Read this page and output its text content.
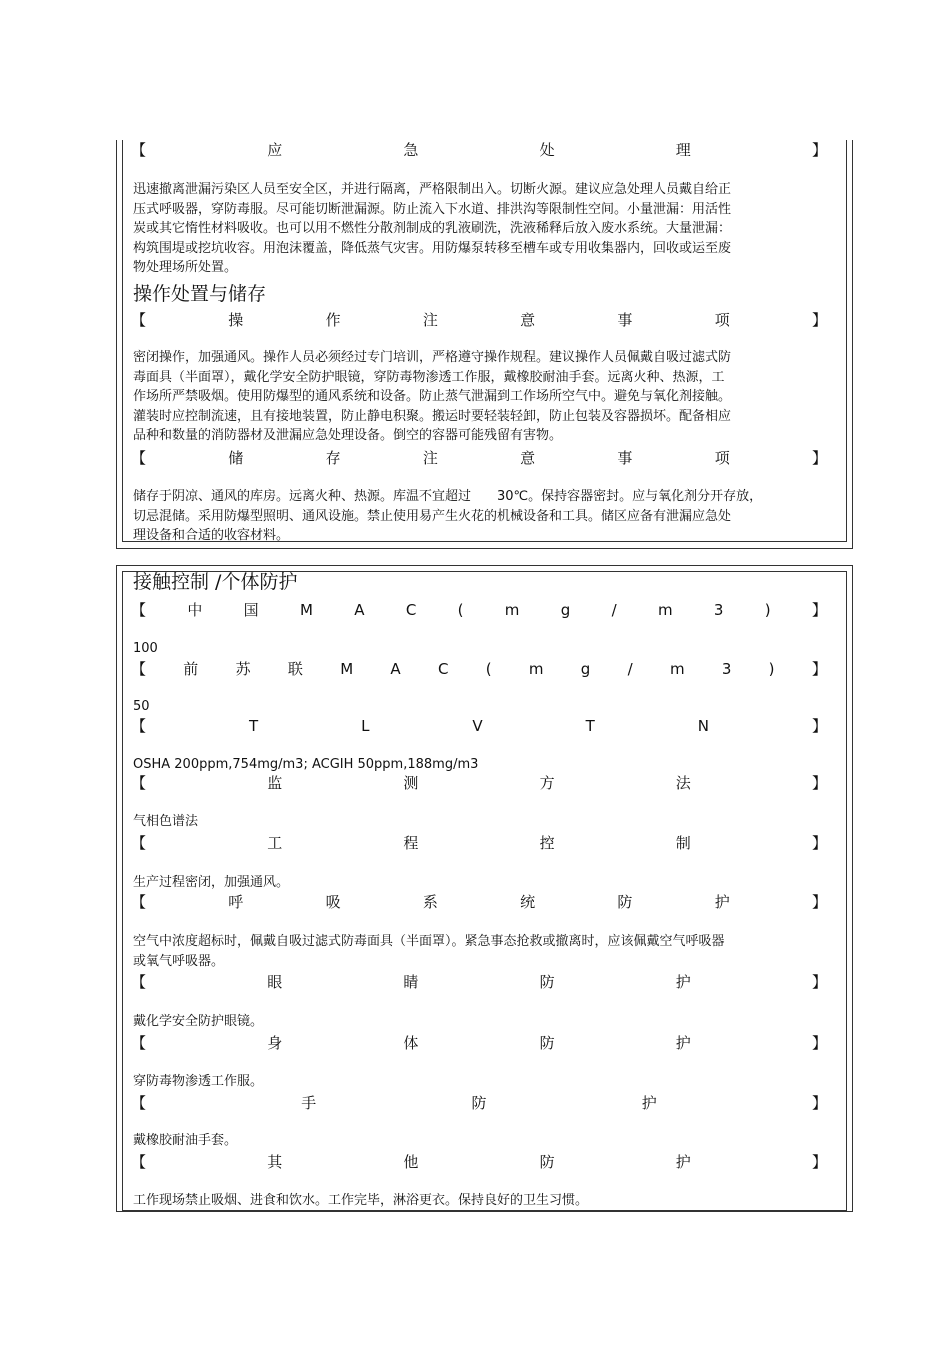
【	应	急	处	理	】
迅速撤离泄漏污染区人员至安全区，并进行隔离，严格限制出入。切断火源。建议应急处理人员戴自给正
压式呼吸器，穿防毒服。尽可能切断泄漏源。防止流入下水道、排洪沟等限制性空间。小量泄漏：用活性
炭或其它惰性材料吸收。也可以用不燃性分散剂制成的乳液刷洗，洗液稀释后放入废水系统。大量泄漏：
构筑围堤或挖坑收容。用泡沫覆盖，降低蒸气灾害。用防爆泵转移至槽车或专用收集器内，回收或运至废
物处理场所处置。
操作处置与储存
【	操	作	注	意	事	项	】
密闭操作，加强通风。操作人员必须经过专门培训，严格遵守操作规程。建议操作人员佩戴自吸过滤式防
毒面具（半面罩），戴化学安全防护眼镜，穿防毒物渗透工作服，戴橡胶耐油手套。远离火种、热源，工
作场所严禁吸烟。使用防爆型的通风系统和设备。防止蒸气泄漏到工作场所空气中。避免与氧化剂接触。
灌装时应控制流速，且有接地装置，防止静电积聚。搬运时要轻装轻卸，防止包装及容器损坏。配备相应
品种和数量的消防器材及泄漏应急处理设备。倒空的容器可能残留有害物。
【	储	存	注	意	事	项	】
储存于阴凉、通风的库房。远离火种、热源。库温不宜超过　　30℃。保持容器密封。应与氧化剂分开存放，
切忌混储。采用防爆型照明、通风设施。禁止使用易产生火花的机械设备和工具。储区应备有泄漏应急处
理设备和合适的收容材料。
接触控制 /个体防护
【	中	国	M	A	C	(	m	g	/	m	3	)	】
100
【 前 苏 联 M A C ( m g / m 3 ) 】
50
【	T	L	V	T	N	】
OSHA 200ppm,754mg/m3; ACGIH 50ppm,188mg/m3
【	监	测	方	法	】
气相色谱法
【	工	程	控	制	】
生产过程密闭，加强通风。
【	呼	吸	系	统	防	护	】
空气中浓度超标时，佩戴自吸过滤式防毒面具（半面罩）。紧急事态抢救或撤离时，应该佩戴空气呼吸器
或氧气呼吸器。
【	眼	睛	防	护	】
戴化学安全防护眼镜。
【	身	体	防	护	】
穿防毒物渗透工作服。
【	手	防	护	】
戴橡胶耐油手套。
【	其	他	防	护	】
工作现场禁止吸烟、进食和饮水。工作完毕，淋浴更衣。保持良好的卫生习惯。
